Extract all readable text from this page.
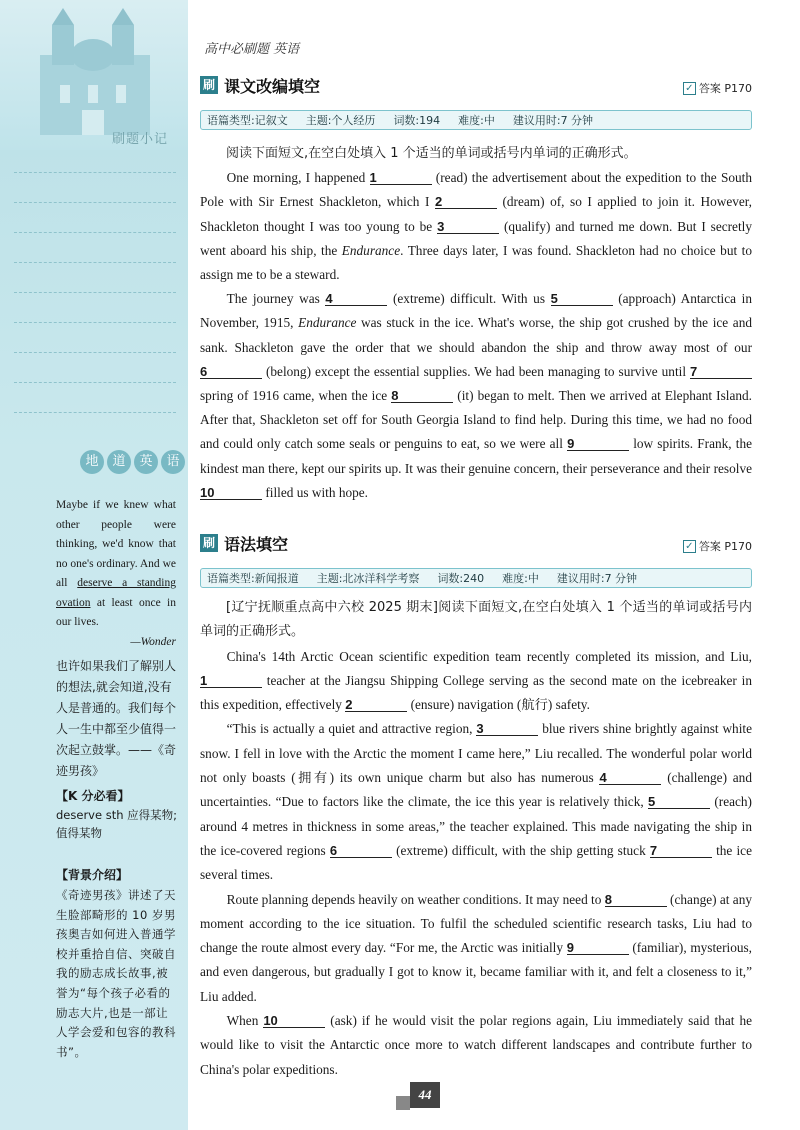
刷题小记
地	道	英	语
Maybe if we knew what other people were thinking, we'd know that no one's ordinary. And we all deserve a standing ovation at least once in our lives.
—Wonder
也许如果我们了解别人的想法,就会知道,没有人是普通的。我们每个人一生中都至少值得一次起立鼓掌。——《奇迹男孩》
【K 分必看】
deserve sth 应得某物;值得某物
【背景介绍】
《奇迹男孩》讲述了天生脸部畸形的 10 岁男孩奥吉如何进入普通学校并重拾自信、突破自我的励志成长故事,被誉为“每个孩子必看的励志大片,也是一部让人学会爱和包容的教科书”。
高中必刷题 英语
刷 课文改编填空	✓ 答案 P170
语篇类型:记叙文 主题:个人经历 词数:194 难度:中 建议用时:7 分钟

阅读下面短文,在空白处填入 1 个适当的单词或括号内单词的正确形式。

One morning, I happened 1	(read) the advertisement about the expedition to the South Pole with Sir Ernest Shackleton, which I 2	(dream) of, so I applied to join it. However, Shackleton thought I was too young to be 3	(qualify) and turned me down. But I secretly went aboard his ship, the Endurance. Three days later, I was found. Shackleton had no choice but to assign me to be a steward.

The journey was 4	(extreme) difficult. With us 5	(approach) Antarctica in November, 1915, Endurance was stuck in the ice. What's worse, the ship got crushed by the ice and sank. Shackleton gave the order that we should abandon the ship and throw away most of our 6	(belong) except the essential supplies. We had been managing to survive until 7 spring of 1916 came, when the ice 8	(it) began to melt. Then we arrived at Elephant Island. After that, Shackleton set off for South Georgia Island to find help. During this time, we had no food and could only catch some seals or penguins to eat, so we were all 9	low spirits. Frank, the kindest man there, kept our spirits up. It was their genuine concern, their perseverance and their resolve 10	filled us with hope.

刷 语法填空	✓ 答案 P170
语篇类型:新闻报道 主题:北冰洋科学考察 词数:240 难度:中 建议用时:7 分钟

[辽宁抚顺重点高中六校 2025 期末]阅读下面短文,在空白处填入 1 个适当的单词或括号内单词的正确形式。

China's 14th Arctic Ocean scientific expedition team recently completed its mission, and Liu, 1	teacher at the Jiangsu Shipping College serving as the second mate on the icebreaker in this expedition, effectively 2	(ensure) navigation (航行) safety.

“This is actually a quiet and attractive region, 3	blue rivers shine brightly against white snow. I fell in love with the Arctic the moment I came here,” Liu recalled. The wonderful polar world not only boasts (拥有) its own unique charm but also has numerous 4	(challenge) and uncertainties. “Due to factors like the climate, the ice this year is relatively thick, 5	(reach) around 4 metres in thickness in some areas,” the teacher explained. This made navigating the ship in the ice-covered regions 6	(extreme) difficult, with the ship getting stuck 7	the ice several times.

Route planning depends heavily on weather conditions. It may need to 8	(change) at any moment according to the ice situation. To fulfil the scheduled scientific research tasks, Liu had to change the route almost every day. “For me, the Arctic was initially 9	(familiar), mysterious, and even dangerous, but gradually I got to know it, became familiar with it, and felt a closeness to it,” Liu added.

When 10	(ask) if he would visit the polar regions again, Liu immediately said that he would like to visit the Antarctic once more to watch different landscapes and contribute further to China's polar expeditions.

44
